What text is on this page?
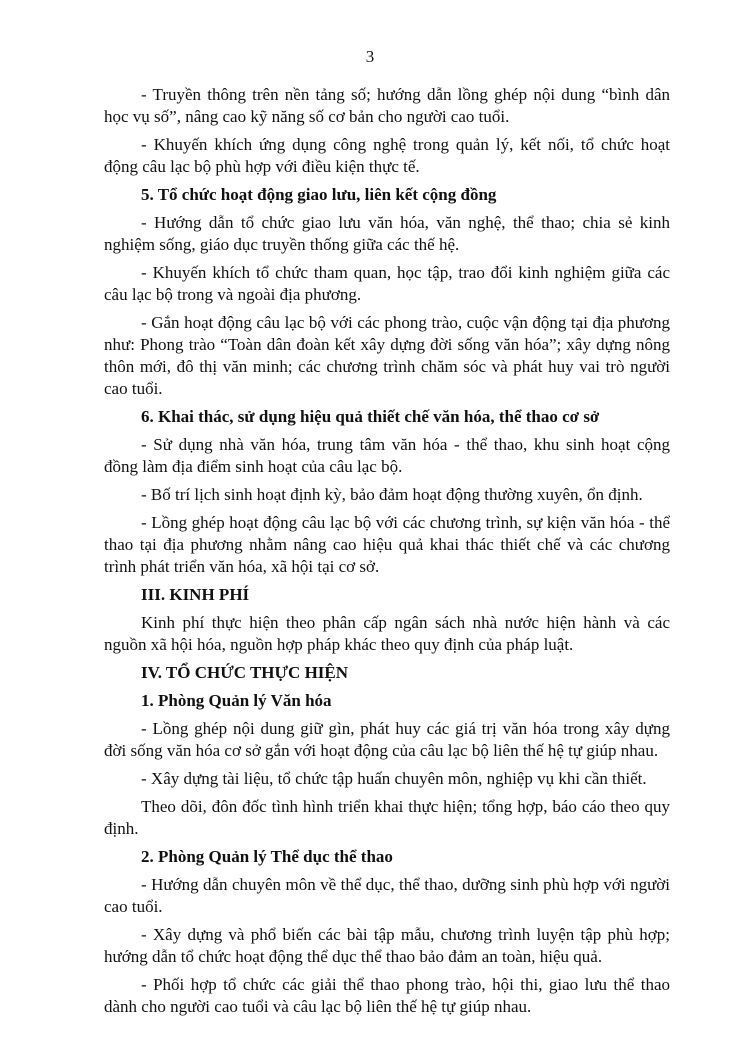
3

- Truyền thông trên nền tảng số; hướng dẫn lồng ghép nội dung “bình dân học vụ số”, nâng cao kỹ năng số cơ bản cho người cao tuổi.

- Khuyến khích ứng dụng công nghệ trong quản lý, kết nối, tổ chức hoạt động câu lạc bộ phù hợp với điều kiện thực tế.

5. Tổ chức hoạt động giao lưu, liên kết cộng đồng

- Hướng dẫn tổ chức giao lưu văn hóa, văn nghệ, thể thao; chia sẻ kinh nghiệm sống, giáo dục truyền thống giữa các thế hệ.

- Khuyến khích tổ chức tham quan, học tập, trao đổi kinh nghiệm giữa các câu lạc bộ trong và ngoài địa phương.

- Gắn hoạt động câu lạc bộ với các phong trào, cuộc vận động tại địa phương như: Phong trào “Toàn dân đoàn kết xây dựng đời sống văn hóa”; xây dựng nông thôn mới, đô thị văn minh; các chương trình chăm sóc và phát huy vai trò người cao tuổi.

6. Khai thác, sử dụng hiệu quả thiết chế văn hóa, thể thao cơ sở

- Sử dụng nhà văn hóa, trung tâm văn hóa - thể thao, khu sinh hoạt cộng đồng làm địa điểm sinh hoạt của câu lạc bộ.

- Bố trí lịch sinh hoạt định kỳ, bảo đảm hoạt động thường xuyên, ổn định.

- Lồng ghép hoạt động câu lạc bộ với các chương trình, sự kiện văn hóa - thể thao tại địa phương nhằm nâng cao hiệu quả khai thác thiết chế và các chương trình phát triển văn hóa, xã hội tại cơ sở.

III. KINH PHÍ

Kinh phí thực hiện theo phân cấp ngân sách nhà nước hiện hành và các nguồn xã hội hóa, nguồn hợp pháp khác theo quy định của pháp luật.

IV. TỔ CHỨC THỰC HIỆN

1. Phòng Quản lý Văn hóa

- Lồng ghép nội dung giữ gìn, phát huy các giá trị văn hóa trong xây dựng đời sống văn hóa cơ sở gắn với hoạt động của câu lạc bộ liên thế hệ tự giúp nhau.

- Xây dựng tài liệu, tổ chức tập huấn chuyên môn, nghiệp vụ khi cần thiết.

Theo dõi, đôn đốc tình hình triển khai thực hiện; tổng hợp, báo cáo theo quy định.

2. Phòng Quản lý Thể dục thể thao

- Hướng dẫn chuyên môn về thể dục, thể thao, dưỡng sinh phù hợp với người cao tuổi.

- Xây dựng và phổ biến các bài tập mẫu, chương trình luyện tập phù hợp; hướng dẫn tổ chức hoạt động thể dục thể thao bảo đảm an toàn, hiệu quả.

- Phối hợp tổ chức các giải thể thao phong trào, hội thi, giao lưu thể thao dành cho người cao tuổi và câu lạc bộ liên thế hệ tự giúp nhau.
